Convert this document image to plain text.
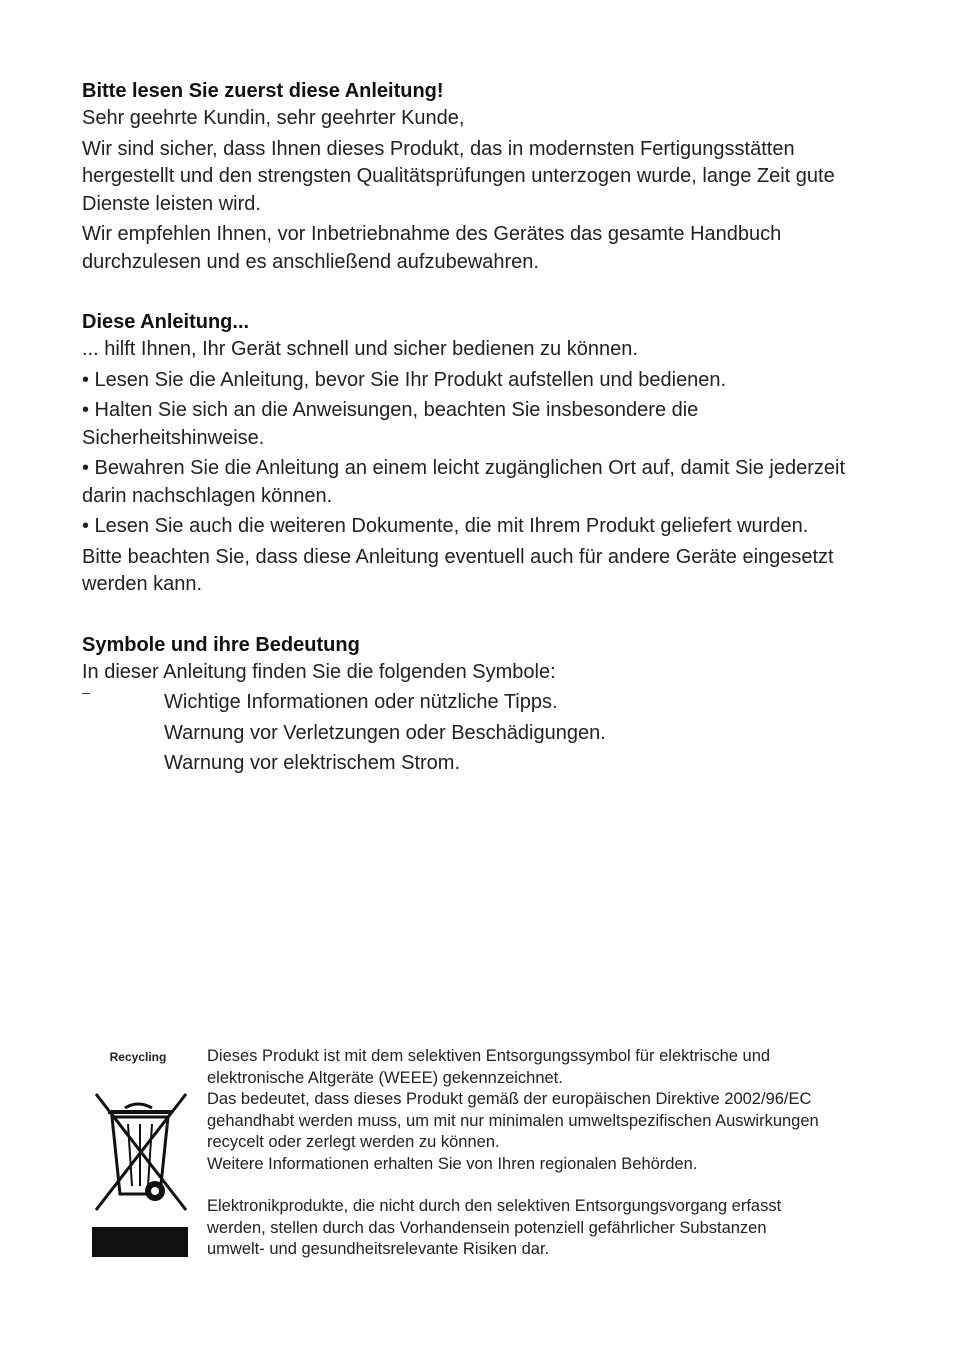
Bitte lesen Sie zuerst diese Anleitung!

Sehr geehrte Kundin, sehr geehrter Kunde,

Wir sind sicher, dass Ihnen dieses Produkt, das in modernsten Fertigungsstätten hergestellt und den strengsten Qualitätsprüfungen unterzogen wurde, lange Zeit gute Dienste leisten wird.

Wir empfehlen Ihnen, vor Inbetriebnahme des Gerätes das gesamte Handbuch durchzulesen und es anschließend aufzubewahren.

Diese Anleitung...

... hilft Ihnen, Ihr Gerät schnell und sicher bedienen zu können.

• Lesen Sie die Anleitung, bevor Sie Ihr Produkt aufstellen und bedienen.

• Halten Sie sich an die Anweisungen, beachten Sie insbesondere die Sicherheitshinweise.

• Bewahren Sie die Anleitung an einem leicht zugänglichen Ort auf, damit Sie jederzeit darin nachschlagen können.

• Lesen Sie auch die weiteren Dokumente, die mit Ihrem Produkt geliefert wurden.

Bitte beachten Sie, dass diese Anleitung eventuell auch für andere Geräte eingesetzt werden kann.

Symbole und ihre Bedeutung

In dieser Anleitung finden Sie die folgenden Symbole:

–	Wichtige Informationen oder nützliche Tipps.

Warnung vor Verletzungen oder Beschädigungen.

Warnung vor elektrischem Strom.

Recycling	Dieses Produkt ist mit dem selektiven Entsorgungssymbol für elektrische und elektronische Altgeräte (WEEE) gekennzeichnet.

Das bedeutet, dass dieses Produkt gemäß der europäischen Direktive 2002/96/EC gehandhabt werden muss, um mit nur minimalen umweltspezifischen Auswirkungen recycelt oder zerlegt werden zu können.

Weitere Informationen erhalten Sie von Ihren regionalen Behörden.

Elektronikprodukte, die nicht durch den selektiven Entsorgungsvorgang erfasst werden, stellen durch das Vorhandensein potenziell gefährlicher Substanzen umwelt- und gesundheitsrelevante Risiken dar.
